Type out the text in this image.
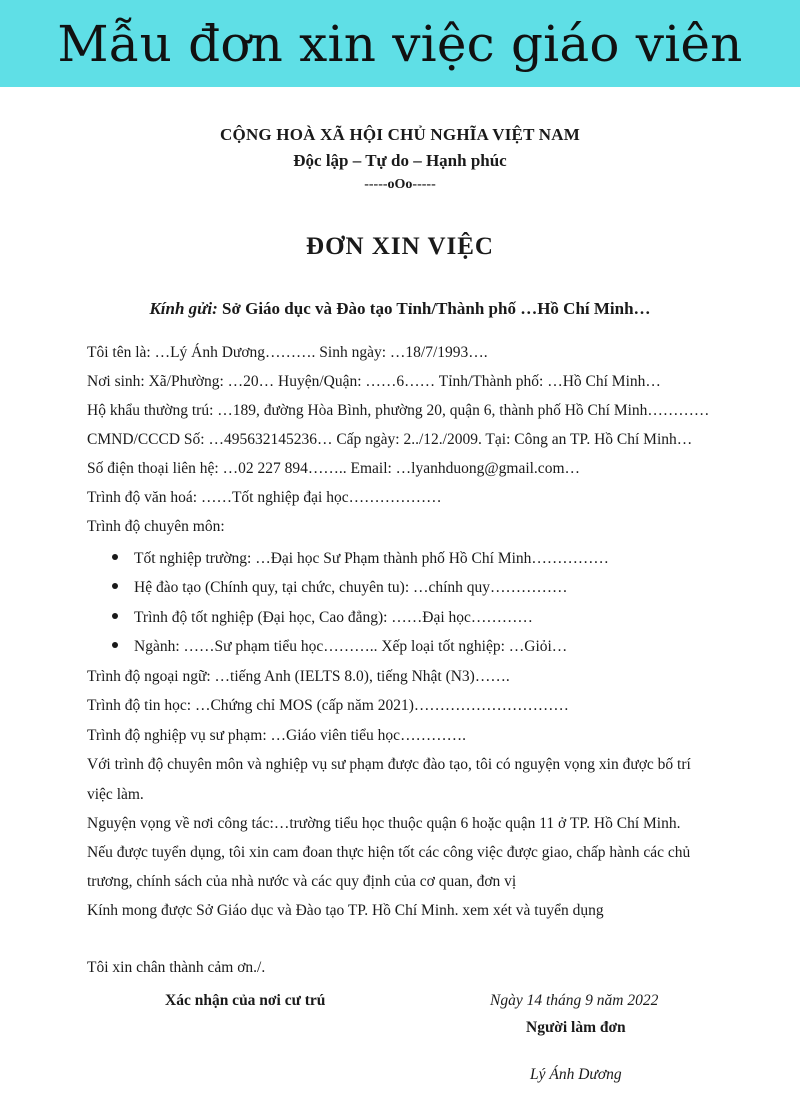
Mẫu đơn xin việc giáo viên
CỘNG HOÀ XÃ HỘI CHỦ NGHĨA VIỆT NAM
Độc lập – Tự do – Hạnh phúc
-----oOo-----
ĐƠN XIN VIỆC
Kính gửi: Sở Giáo dục và Đào tạo Tỉnh/Thành phố …Hồ Chí Minh…
Tôi tên là: …Lý Ánh Dương………. Sinh ngày: …18/7/1993….
Nơi sinh: Xã/Phường: …20… Huyện/Quận: ……6…… Tỉnh/Thành phố: …Hồ Chí Minh…
Hộ khẩu thường trú: …189, đường Hòa Bình, phường 20, quận 6, thành phố Hồ Chí Minh…………
CMND/CCCD Số: …495632145236… Cấp ngày: 2../12./2009. Tại: Công an TP. Hồ Chí Minh…
Số điện thoại liên hệ: …02 227 894…….. Email: …lyanhduong@gmail.com…
Trình độ văn hoá: ……Tốt nghiệp đại học………………
Trình độ chuyên môn:
Tốt nghiệp trường: …Đại học Sư Phạm thành phố Hồ Chí Minh……………
Hệ đào tạo (Chính quy, tại chức, chuyên tu): …chính quy……………
Trình độ tốt nghiệp (Đại học, Cao đẳng): ……Đại học…………
Ngành: ……Sư phạm tiểu học……….. Xếp loại tốt nghiệp: …Giỏi…
Trình độ ngoại ngữ: …tiếng Anh (IELTS 8.0), tiếng Nhật (N3)…….
Trình độ tin học: …Chứng chỉ MOS (cấp năm 2021)…………………………
Trình độ nghiệp vụ sư phạm: …Giáo viên tiểu học………….
Với trình độ chuyên môn và nghiệp vụ sư phạm được đào tạo, tôi có nguyện vọng xin được bố trí
việc làm.
Nguyện vọng về nơi công tác:…trường tiểu học thuộc quận 6 hoặc quận 11 ở TP. Hồ Chí Minh.
Nếu được tuyển dụng, tôi xin cam đoan thực hiện tốt các công việc được giao, chấp hành các chủ
trương, chính sách của nhà nước và các quy định của cơ quan, đơn vị
Kính mong được Sở Giáo dục và Đào tạo TP. Hồ Chí Minh. xem xét và tuyển dụng
Tôi xin chân thành cảm ơn./.
Xác nhận của nơi cư trú	Ngày 14 tháng 9 năm 2022
Người làm đơn
Lý Ánh Dương
